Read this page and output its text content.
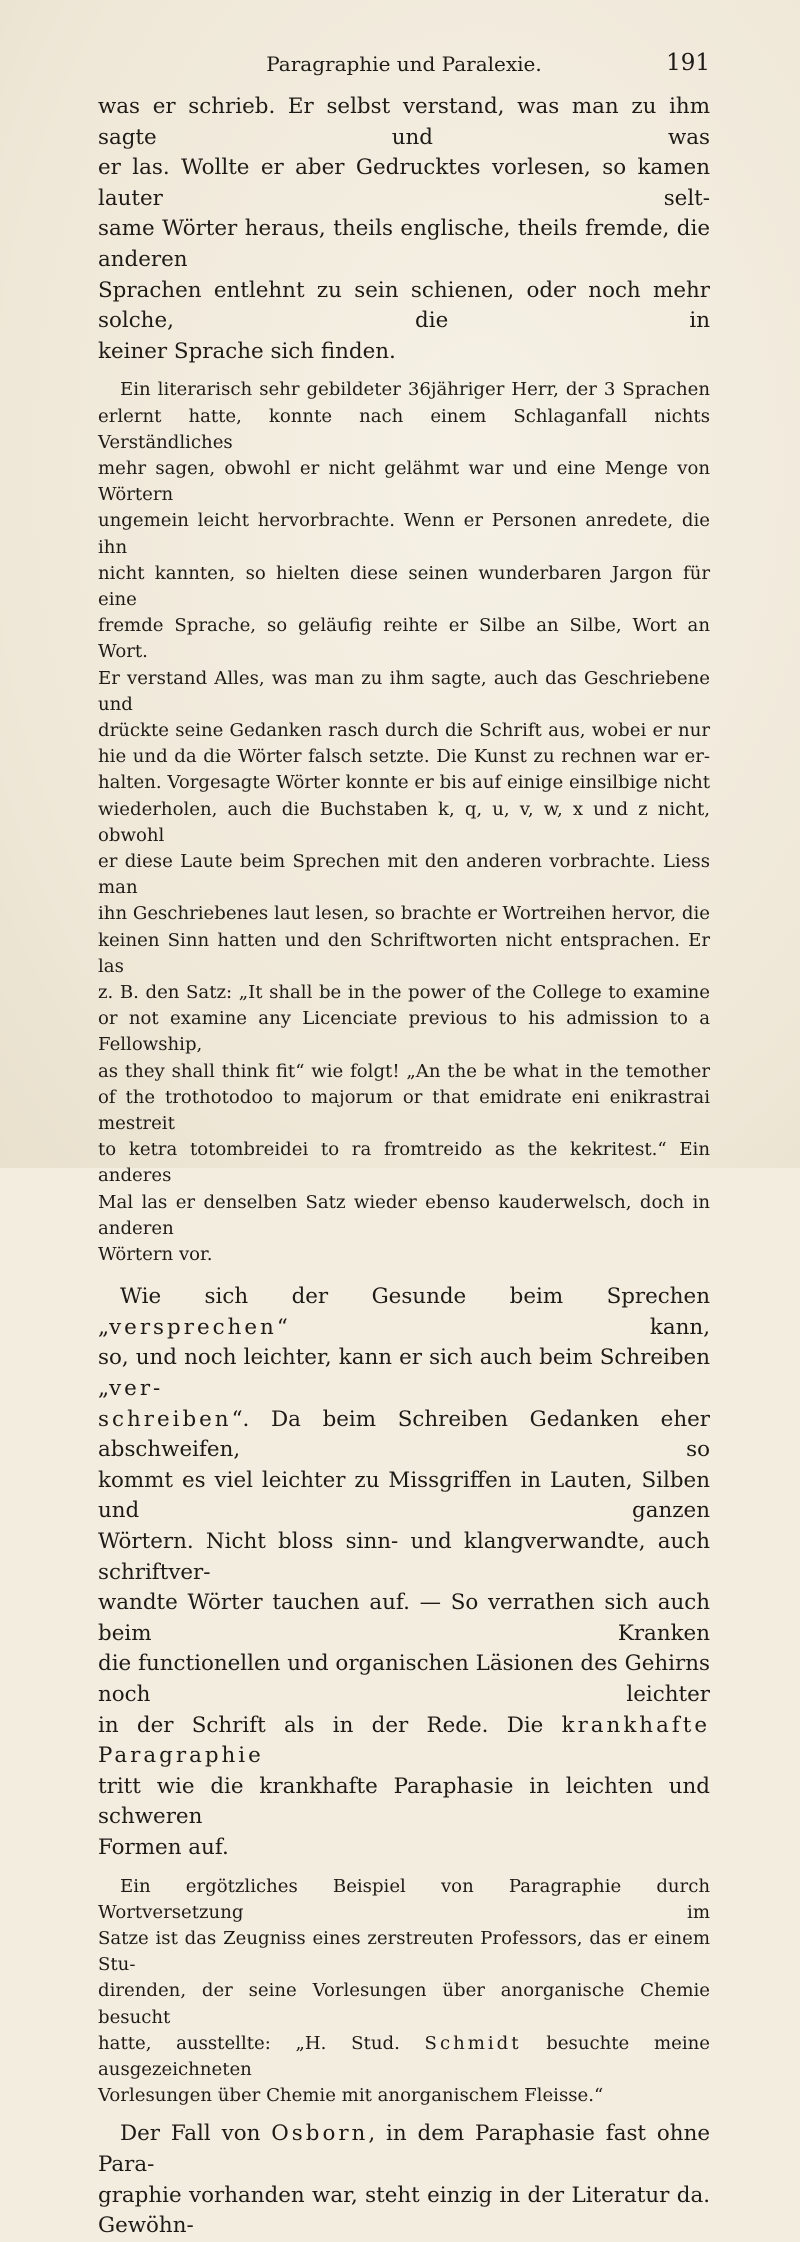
Paragraphie und Paralexie.	191

was er schrieb. Er selbst verstand, was man zu ihm sagte und was

er las. Wollte er aber Gedrucktes vorlesen, so kamen lauter selt-

same Wörter heraus, theils englische, theils fremde, die anderen

Sprachen entlehnt zu sein schienen, oder noch mehr solche, die in

keiner Sprache sich finden.

Ein literarisch sehr gebildeter 36jähriger Herr, der 3 Sprachen

erlernt hatte, konnte nach einem Schlaganfall nichts Verständliches

mehr sagen, obwohl er nicht gelähmt war und eine Menge von Wörtern

ungemein leicht hervorbrachte. Wenn er Personen anredete, die ihn

nicht kannten, so hielten diese seinen wunderbaren Jargon für eine

fremde Sprache, so geläufig reihte er Silbe an Silbe, Wort an Wort.

Er verstand Alles, was man zu ihm sagte, auch das Geschriebene und

drückte seine Gedanken rasch durch die Schrift aus, wobei er nur

hie und da die Wörter falsch setzte. Die Kunst zu rechnen war er-

halten. Vorgesagte Wörter konnte er bis auf einige einsilbige nicht

wiederholen, auch die Buchstaben k, q, u, v, w, x und z nicht, obwohl

er diese Laute beim Sprechen mit den anderen vorbrachte. Liess man

ihn Geschriebenes laut lesen, so brachte er Wortreihen hervor, die

keinen Sinn hatten und den Schriftworten nicht entsprachen. Er las

z. B. den Satz: „It shall be in the power of the College to examine

or not examine any Licenciate previous to his admission to a Fellowship,

as they shall think fit“ wie folgt! „An the be what in the temother

of the trothotodoo to majorum or that emidrate eni enikrastrai mestreit

to ketra totombreidei to ra fromtreido as the kekritest.“ Ein anderes

Mal las er denselben Satz wieder ebenso kauderwelsch, doch in anderen

Wörtern vor.

Wie sich der Gesunde beim Sprechen „versprechen“ kann,

so, und noch leichter, kann er sich auch beim Schreiben „ver-

schreiben“. Da beim Schreiben Gedanken eher abschweifen, so

kommt es viel leichter zu Missgriffen in Lauten, Silben und ganzen

Wörtern. Nicht bloss sinn- und klangverwandte, auch schriftver-

wandte Wörter tauchen auf. — So verrathen sich auch beim Kranken

die functionellen und organischen Läsionen des Gehirns noch leichter

in der Schrift als in der Rede. Die krankhafte Paragraphie

tritt wie die krankhafte Paraphasie in leichten und schweren

Formen auf.

Ein ergötzliches Beispiel von Paragraphie durch Wortversetzung im

Satze ist das Zeugniss eines zerstreuten Professors, das er einem Stu-

direnden, der seine Vorlesungen über anorganische Chemie besucht

hatte, ausstellte: „H. Stud. Schmidt besuchte meine ausgezeichneten

Vorlesungen über Chemie mit anorganischem Fleisse.“

Der Fall von Osborn, in dem Paraphasie fast ohne Para-

graphie vorhanden war, steht einzig in der Literatur da. Gewöhn-
